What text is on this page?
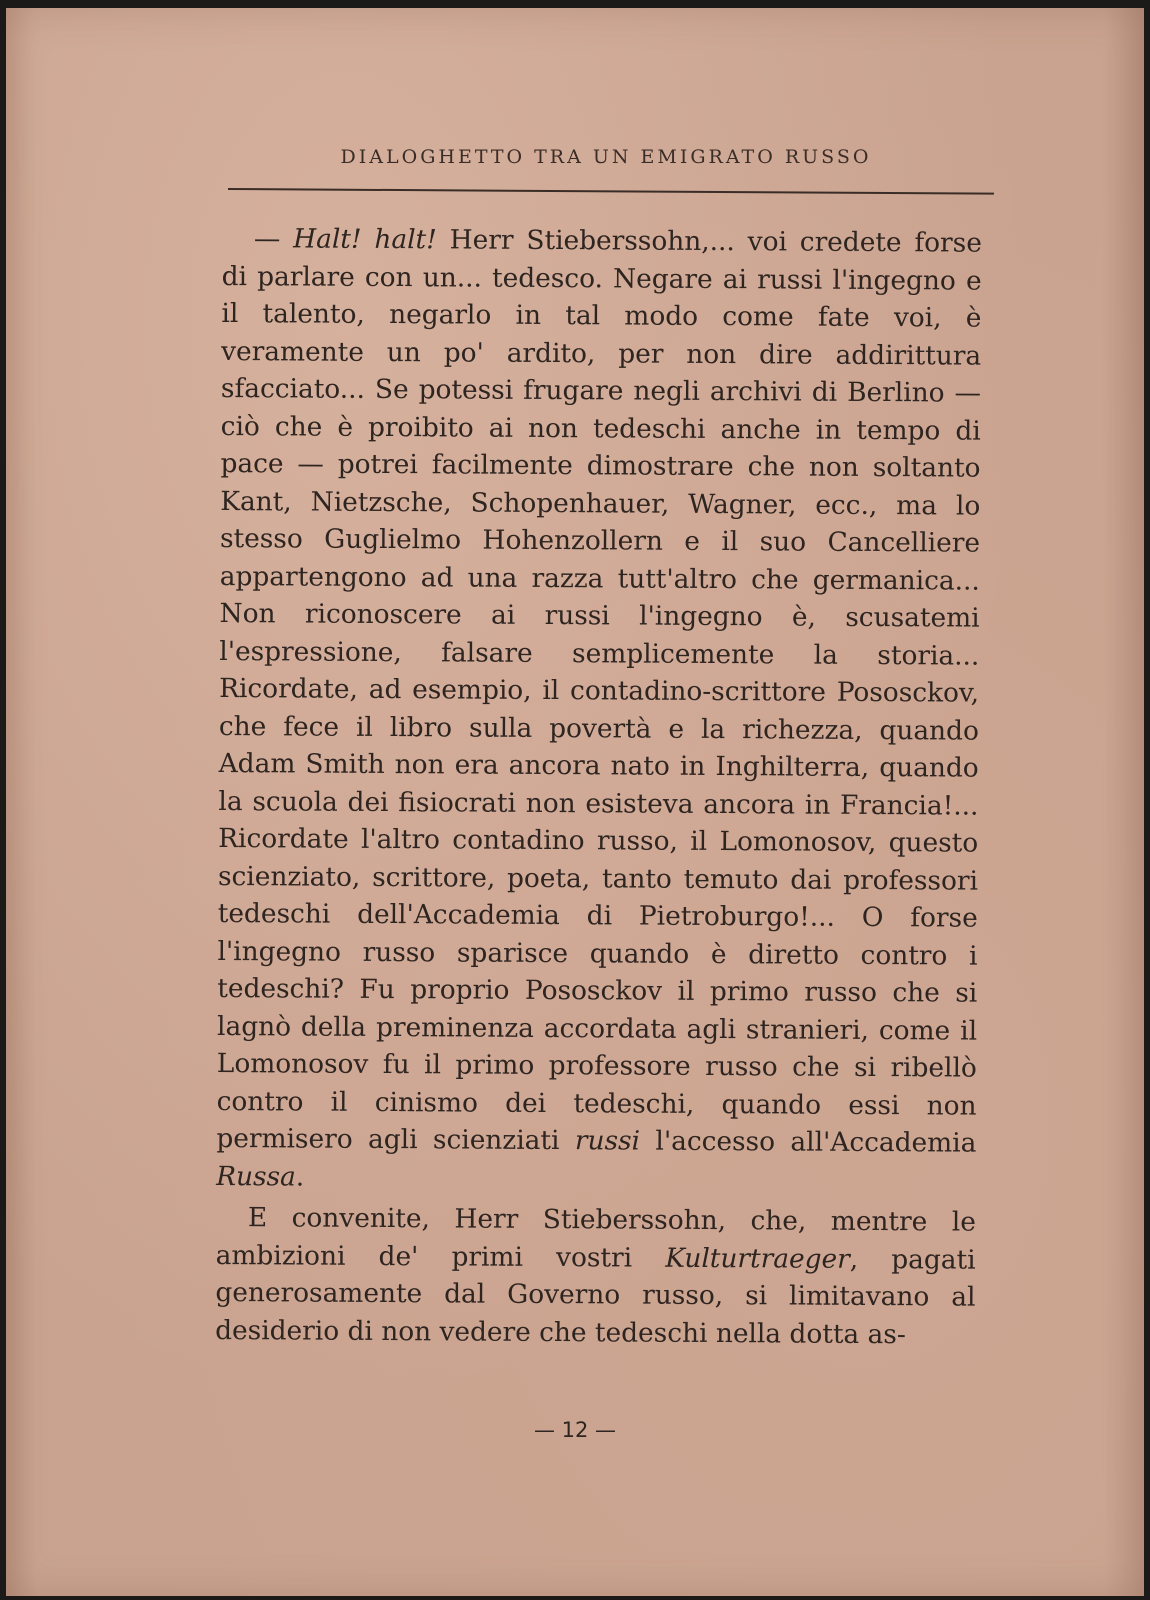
DIALOGHETTO TRA UN EMIGRATO RUSSO

— Halt! halt! Herr Stieberssohn,... voi credete forse di parlare con un... tedesco. Negare ai russi l'ingegno e il talento, negarlo in tal modo come fate voi, è veramente un po' ardito, per non dire addirittura sfacciato... Se potessi frugare negli archivi di Berlino — ciò che è proibito ai non tedeschi anche in tempo di pace — potrei facilmente dimostrare che non soltanto Kant, Nietzsche, Schopenhauer, Wagner, ecc., ma lo stesso Guglielmo Hohenzollern e il suo Cancelliere appartengono ad una razza tutt'altro che germanica... Non riconoscere ai russi l'ingegno è, scusatemi l'espressione, falsare semplicemente la storia... Ricordate, ad esempio, il contadino-scrittore Pososckov, che fece il libro sulla povertà e la richezza, quando Adam Smith non era ancora nato in Inghilterra, quando la scuola dei fisiocrati non esisteva ancora in Francia!... Ricordate l'altro contadino russo, il Lomonosov, questo scienziato, scrittore, poeta, tanto temuto dai professori tedeschi dell'Accademia di Pietroburgo!... O forse l'ingegno russo sparisce quando è diretto contro i tedeschi? Fu proprio Pososckov il primo russo che si lagnò della preminenza accordata agli stranieri, come il Lomonosov fu il primo professore russo che si ribellò contro il cinismo dei tedeschi, quando essi non permisero agli scienziati russi l'accesso all'Accademia Russa.

E convenite, Herr Stieberssohn, che, mentre le ambizioni de' primi vostri Kulturtraeger, pagati generosamente dal Governo russo, si limitavano al desiderio di non vedere che tedeschi nella dotta as-

— 12 —
